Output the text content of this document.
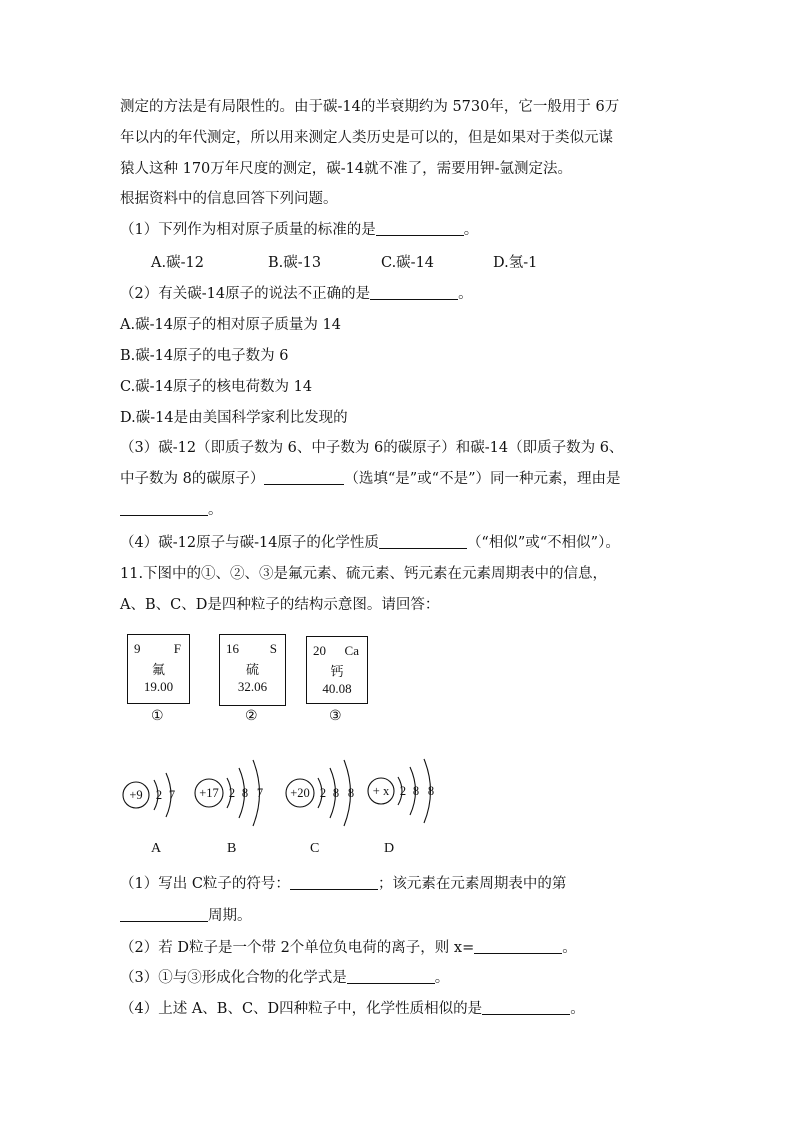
测定的方法是有局限性的。由于碳-14的半衰期约为 5730年，它一般用于 6万
年以内的年代测定，所以用来测定人类历史是可以的，但是如果对于类似元谋
猿人这种 170万年尺度的测定，碳-14就不准了，需要用钾-氩测定法。
根据资料中的信息回答下列问题。
（1）下列作为相对原子质量的标准的是	。
A.碳-12	B.碳-13	C.碳-14	D.氢-1
（2）有关碳-14原子的说法不正确的是	。
A.碳-14原子的相对原子质量为 14
B.碳-14原子的电子数为 6
C.碳-14原子的核电荷数为 14
D.碳-14是由美国科学家利比发现的
（3）碳-12（即质子数为 6、中子数为 6的碳原子）和碳-14（即质子数为 6、
中子数为 8的碳原子）	（选填“是”或“不是”）同一种元素，理由是
。
（4）碳-12原子与碳-14原子的化学性质	（“相似”或“不相似”）。
11.下图中的①、②、③是氟元素、硫元素、钙元素在元素周期表中的信息，
A、B、C、D是四种粒子的结构示意图。请回答：
9	F
氟
19.00
①
16 S
硫
32.06
②
20 Ca
钙
40.08
③
+9 2 7 +17 2 8 7 +20 2 8 8 + x 2 8 8
A	B	C	D
（1）写出 C粒子的符号：	；该元素在元素周期表中的第
周期。
（2）若 D粒子是一个带 2个单位负电荷的离子，则 x=	。
（3）①与③形成化合物的化学式是	。
（4）上述 A、B、C、D四种粒子中，化学性质相似的是	。
